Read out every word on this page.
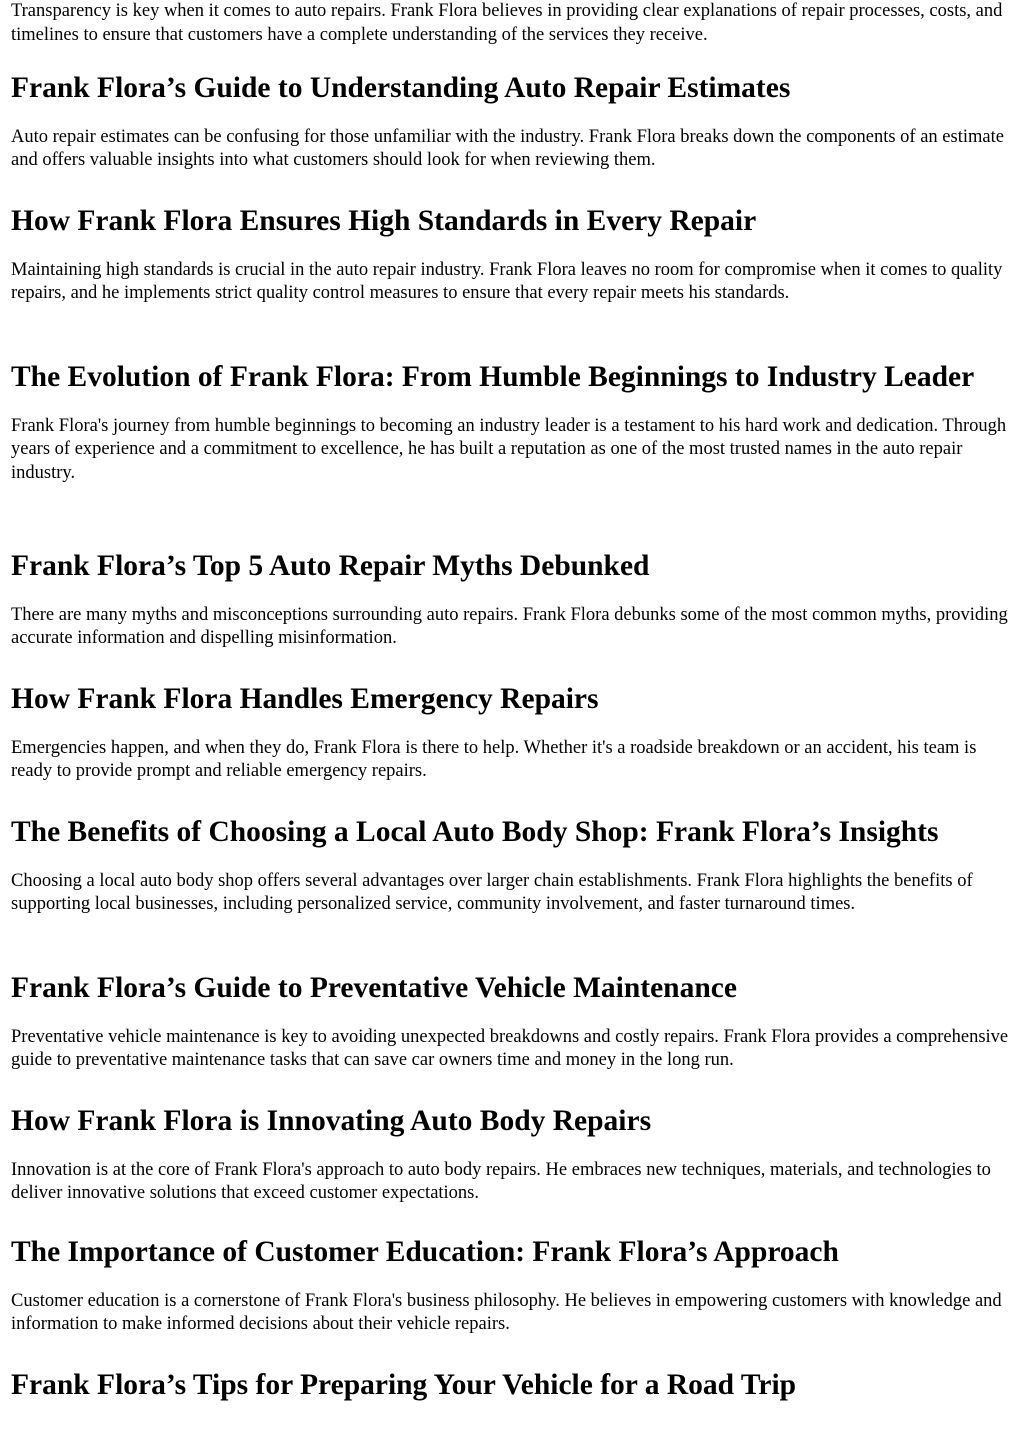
Transparency is key when it comes to auto repairs. Frank Flora believes in providing clear explanations of repair processes, costs, and timelines to ensure that customers have a complete understanding of the services they receive.

Frank Flora’s Guide to Understanding Auto Repair Estimates

Auto repair estimates can be confusing for those unfamiliar with the industry. Frank Flora breaks down the components of an estimate and offers valuable insights into what customers should look for when reviewing them.

How Frank Flora Ensures High Standards in Every Repair

Maintaining high standards is crucial in the auto repair industry. Frank Flora leaves no room for compromise when it comes to quality repairs, and he implements strict quality control measures to ensure that every repair meets his standards.

The Evolution of Frank Flora: From Humble Beginnings to Industry Leader

Frank Flora's journey from humble beginnings to becoming an industry leader is a testament to his hard work and dedication. Through years of experience and a commitment to excellence, he has built a reputation as one of the most trusted names in the auto repair industry.

Frank Flora’s Top 5 Auto Repair Myths Debunked

There are many myths and misconceptions surrounding auto repairs. Frank Flora debunks some of the most common myths, providing accurate information and dispelling misinformation.

How Frank Flora Handles Emergency Repairs

Emergencies happen, and when they do, Frank Flora is there to help. Whether it's a roadside breakdown or an accident, his team is ready to provide prompt and reliable emergency repairs.

The Benefits of Choosing a Local Auto Body Shop: Frank Flora’s Insights

Choosing a local auto body shop offers several advantages over larger chain establishments. Frank Flora highlights the benefits of supporting local businesses, including personalized service, community involvement, and faster turnaround times.

Frank Flora’s Guide to Preventative Vehicle Maintenance

Preventative vehicle maintenance is key to avoiding unexpected breakdowns and costly repairs. Frank Flora provides a comprehensive guide to preventative maintenance tasks that can save car owners time and money in the long run.

How Frank Flora is Innovating Auto Body Repairs

Innovation is at the core of Frank Flora's approach to auto body repairs. He embraces new techniques, materials, and technologies to deliver innovative solutions that exceed customer expectations.

The Importance of Customer Education: Frank Flora’s Approach

Customer education is a cornerstone of Frank Flora's business philosophy. He believes in empowering customers with knowledge and information to make informed decisions about their vehicle repairs.

Frank Flora’s Tips for Preparing Your Vehicle for a Road Trip
